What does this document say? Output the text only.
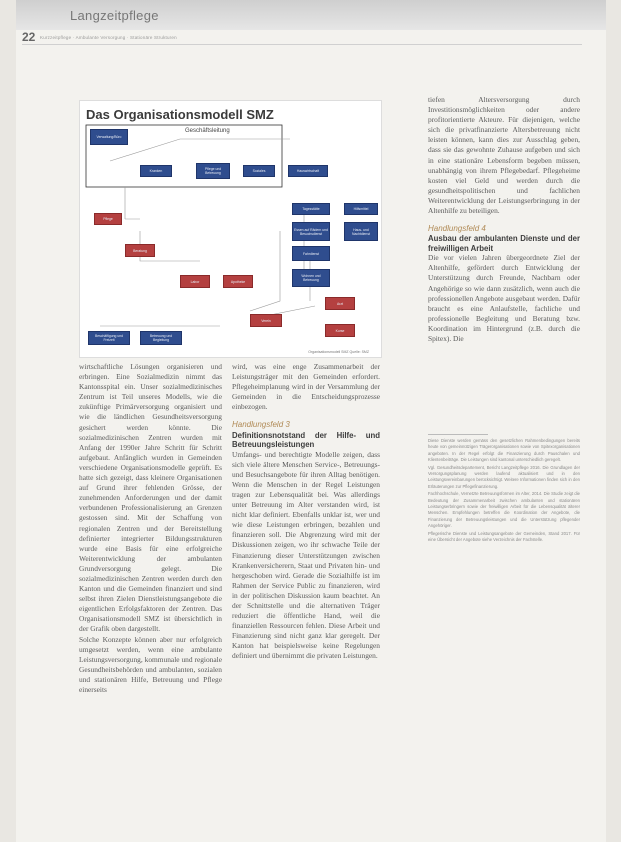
Langzeitpflege
22 Kurzzeitpflege · Ambulante Versorgung · Stationäre Strukturen
Das Organisationsmodell SMZ
Geschäftsleitung
Verwaltung/Büro
Kranken	Pflege und Betreuung	Soziales	Hauswirtschaft
Pflege
Beratung
Labor	Apotheke
Tagesstätte	Hilfsmittel
Essen auf Rädern und Besuchsdienst
Haus- und Nachtdienst
Fahrdienst
Wohnen und Betreuung
Arzt
Kurse
Verein
Beschäftigung und Freizeit
Betreuung und Begleitung
Organisationsmodell SMZ Quelle: SMZ

wirtschaftliche Lösungen organisieren und erbringen. Eine Sozialmedizin nimmt das Kantonsspital ein. Unser sozialmedizinisches Zentrum ist Teil unseres Modells, wie die zukünftige Primärversorgung organisiert und wie die ländlichen Gesundheitsversorgung gesichert werden könnte. Die sozialmedizinischen Zentren wurden mit Anfang der 1990er Jahre Schritt für Schritt aufgebaut. Anfänglich wurden in Gemeinden verschiedene Organisationsmodelle geprüft. Es hatte sich gezeigt, dass kleinere Organisationen auf Grund ihrer fehlenden Grösse, der zunehmenden Anforderungen und der damit verbundenen Professionalisierung an Grenzen gestossen sind. Mit der Schaffung von regionalen Zentren und der Bereitstellung definierter integrierter Bildungsstrukturen wurde eine Basis für eine erfolgreiche Weiterentwicklung der ambulanten Grundversorgung gelegt. Die sozialmedizinischen Zentren werden durch den Kanton und die Gemeinden finanziert und sind selbst ihren Zielen Dienstleistungsangebote die eigentlichen Erfolgsfaktoren der Zentren. Das Organisationsmodell SMZ ist übersichtlich in der Grafik oben dargestellt.

Solche Konzepte können aber nur erfolgreich umgesetzt werden, wenn eine ambulante Leistungsversorgung, kommunale und regionale Gesundheitsbehörden und ambulanten, sozialen und stationären Hilfe, Betreuung und Pflege einerseits

wird, was eine enge Zusammenarbeit der Leistungsträger mit den Gemeinden erfordert. Pflegeheimplanung wird in der Versammlung der Gemeinden in die Entscheidungsprozesse einbezogen.

Handlungsfeld 3
Definitionsnotstand der Hilfe- und Betreuungsleistungen

Umfangs- und berechtigte Modelle zeigen, dass sich viele ältere Menschen Service-, Betreuungs- und Besuchsangebote für ihren Alltag benötigen. Wenn die Menschen in der Regel Leistungen tragen zur Lebensqualität bei. Was allerdings unter Betreuung im Alter verstanden wird, ist nicht klar definiert. Ebenfalls unklar ist, wer und wie diese Leistungen erbringen, bezahlen und finanzieren soll. Die Abgrenzung wird mit der Diskussionen zeigen, wo ihr schwache Teile der Finanzierung dieser Unterstützungen zwischen Krankenversicherern, Staat und Privaten hin- und hergeschoben wird. Gerade die Sozialhilfe ist im Rahmen der Service Public zu finanzieren, wird in der politischen Diskussion kaum beachtet. An der Schnittstelle und die alternativen Träger reduziert die öffentliche Hand, weil die finanziellen Ressourcen fehlen. Diese Arbeit und Finanzierung sind nicht ganz klar geregelt. Der Kanton hat beispielsweise keine Regelungen definiert und übernimmt die privaten Leistungen.

tiefen Altersversorgung durch Investitionsmöglichkeiten oder andere profitorientierte Akteure. Für diejenigen, welche sich die privatfinanzierte Altersbetreuung nicht leisten können, kann dies zur Ausschlag geben, dass sie das gewohnte Zuhause aufgeben und sich in eine stationäre Lebensform begeben müssen, unabhängig von ihrem Pflegebedarf. Pflegeheime kosten viel Geld und werden durch die gesundheitspolitischen und fachlichen Weiterentwicklung der Leistungserbringung in der Altenhilfe zu beteiligen.

Handlungsfeld 4
Ausbau der ambulanten Dienste und der freiwilligen Arbeit

Die vor vielen Jahren übergeordnete Ziel der Altenhilfe, gefördert durch Entwicklung der Unterstützung durch Freunde, Nachbarn oder Angehörige so wie dann zusätzlich, wenn auch die professionellen Angebote ausgebaut werden. Dafür braucht es eine Anlaufstelle, fachliche und professionelle Begleitung und Beratung bzw. Koordination im Hintergrund (z.B. durch die Spitex). Die

Diese Dienste werden gemäss den gesetzlichen Rahmenbedingungen bereits heute von gemeinnützigen Trägerorganisationen sowie von Spitexorganisationen angeboten. In der Regel erfolgt die Finanzierung durch Pauschalen und Klientenbeiträge. Die Leistungen sind kantonal unterschiedlich geregelt.

Vgl. Gesundheitsdepartement, Bericht Langzeitpflege 2016. Die Grundlagen der Versorgungsplanung werden laufend aktualisiert und in den Leistungsvereinbarungen berücksichtigt. Weitere Informationen finden sich in den Erläuterungen zur Pflegefinanzierung.

Fachhochschule, Vernetzte Betreuungsformen im Alter, 2014. Die Studie zeigt die Bedeutung der Zusammenarbeit zwischen ambulanten und stationären Leistungserbringern sowie der freiwilligen Arbeit für die Lebensqualität älterer Menschen. Empfehlungen betreffen die Koordination der Angebote, die Finanzierung der Betreuungsleistungen und die Unterstützung pflegender Angehöriger.

Pflegerische Dienste und Leistungsangebote der Gemeinden, Stand 2017. Für eine Übersicht der Angebote siehe Verzeichnis der Fachstelle.
